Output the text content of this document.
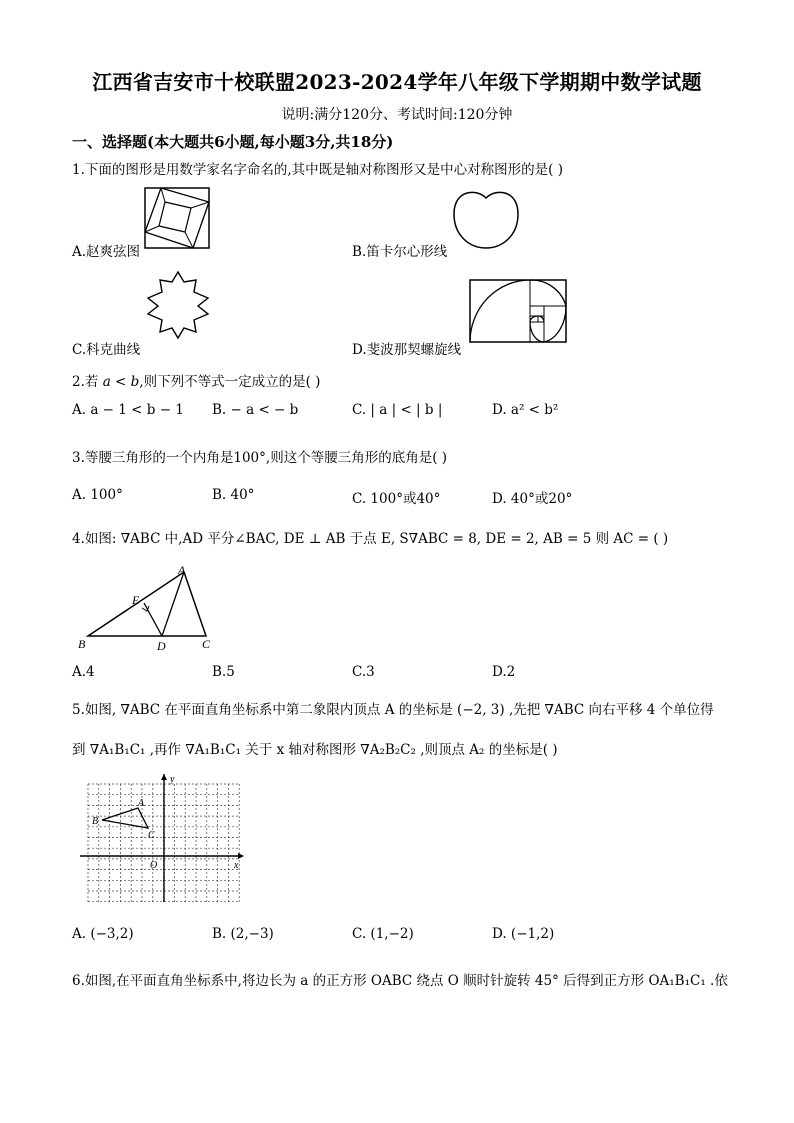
江西省吉安市十校联盟2023-2024学年八年级下学期期中数学试题
说明:满分120分、考试时间:120分钟
一、选择题(本大题共6小题,每小题3分,共18分)
1.下面的图形是用数学家名字命名的,其中既是轴对称图形又是中心对称图形的是( )
A.赵爽弦图	B.笛卡尔心形线
C.科克曲线	D.斐波那契螺旋线
2.若 a < b,则下列不等式一定成立的是( )
A. a − 1 < b − 1 B. − a < − b	C. | a | < | b |	D. a² < b²
3.等腰三角形的一个内角是100°,则这个等腰三角形的底角是( )
A. 100°	B. 40°	C. 100°或40°	D. 40°或20°
4.如图: ∇ABC 中,AD 平分∠BAC, DE ⊥ AB 于点 E, S∇ABC = 8, DE = 2, AB = 5 则 AC = ( )
A
E
B	D	C
A.4	B.5	C.3	D.2
5.如图, ∇ABC 在平面直角坐标系中第二象限内顶点 A 的坐标是 (−2, 3) ,先把 ∇ABC 向右平移 4 个单位得
到 ∇A₁B₁C₁ ,再作 ∇A₁B₁C₁ 关于 x 轴对称图形 ∇A₂B₂C₂ ,则顶点 A₂ 的坐标是( )
y
x
O
A
B
C
A. (−3,2)	B. (2,−3)	C. (1,−2)	D. (−1,2)
6.如图,在平面直角坐标系中,将边长为 a 的正方形 OABC 绕点 O 顺时针旋转 45° 后得到正方形 OA₁B₁C₁ .依
